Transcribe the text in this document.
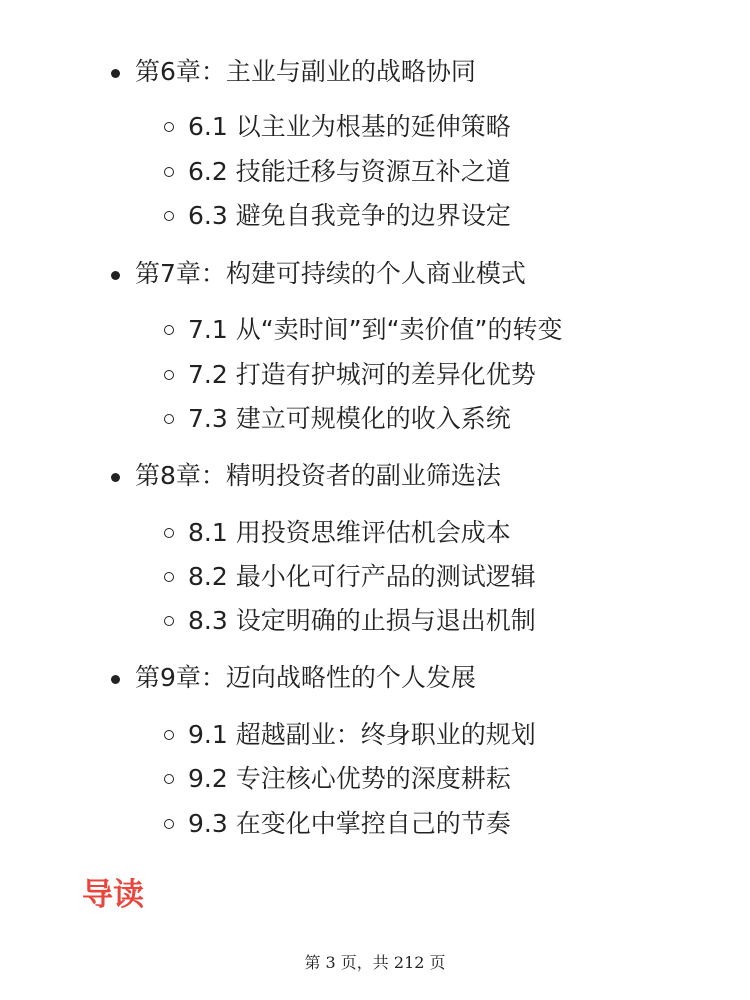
第6章：主业与副业的战略协同
6.1 以主业为根基的延伸策略
6.2 技能迁移与资源互补之道
6.3 避免自我竞争的边界设定
第7章：构建可持续的个人商业模式
7.1 从“卖时间”到“卖价值”的转变
7.2 打造有护城河的差异化优势
7.3 建立可规模化的收入系统
第8章：精明投资者的副业筛选法
8.1 用投资思维评估机会成本
8.2 最小化可行产品的测试逻辑
8.3 设定明确的止损与退出机制
第9章：迈向战略性的个人发展
9.1 超越副业：终身职业的规划
9.2 专注核心优势的深度耕耘
9.3 在变化中掌控自己的节奏
导读
第 3 页，共 212 页
